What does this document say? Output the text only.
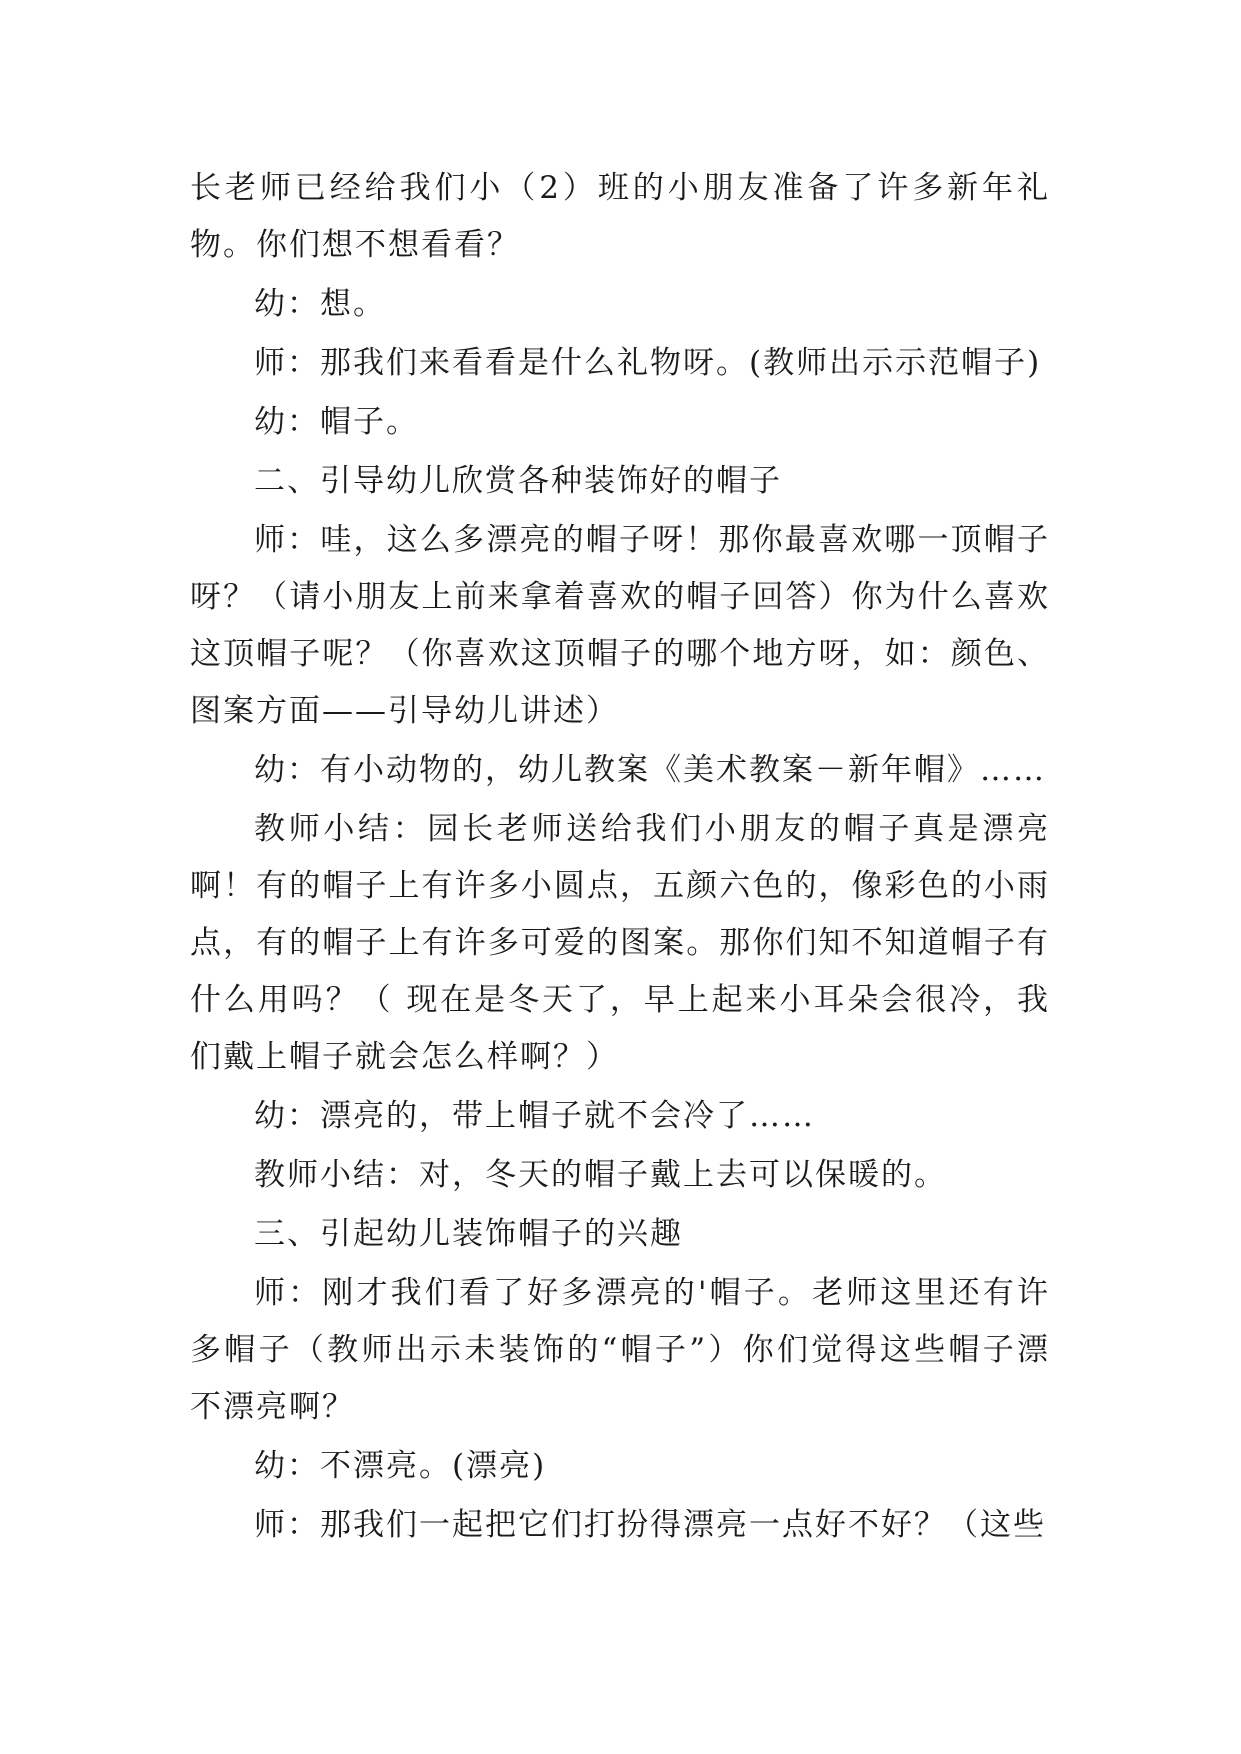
长老师已经给我们小（2）班的小朋友准备了许多新年礼物。你们想不想看看？

幼：想。

师：那我们来看看是什么礼物呀。(教师出示示范帽子)

幼：帽子。

二、引导幼儿欣赏各种装饰好的帽子

师：哇，这么多漂亮的帽子呀！那你最喜欢哪一顶帽子呀？（请小朋友上前来拿着喜欢的帽子回答）你为什么喜欢这顶帽子呢？（你喜欢这顶帽子的哪个地方呀，如：颜色、图案方面——引导幼儿讲述）

幼：有小动物的，幼儿教案《美术教案－新年帽》……

教师小结：园长老师送给我们小朋友的帽子真是漂亮啊！有的帽子上有许多小圆点，五颜六色的，像彩色的小雨点，有的帽子上有许多可爱的图案。那你们知不知道帽子有什么用吗？（ 现在是冬天了，早上起来小耳朵会很冷，我们戴上帽子就会怎么样啊？）

幼：漂亮的，带上帽子就不会冷了……

教师小结：对，冬天的帽子戴上去可以保暖的。

三、引起幼儿装饰帽子的兴趣

师：刚才我们看了好多漂亮的'帽子。老师这里还有许多帽子（教师出示未装饰的“帽子”）你们觉得这些帽子漂不漂亮啊？

幼：不漂亮。(漂亮)

师：那我们一起把它们打扮得漂亮一点好不好？（这些
